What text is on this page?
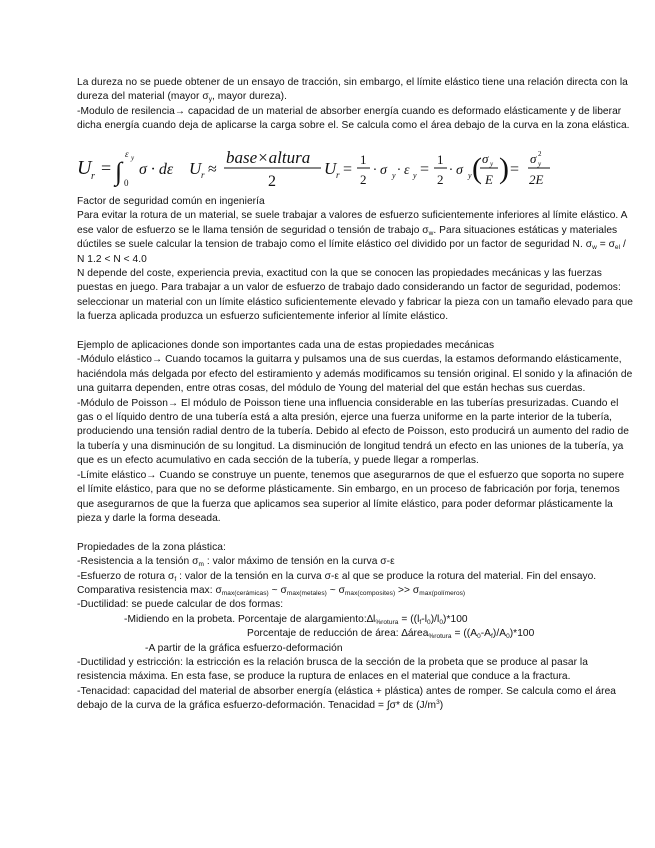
La dureza no se puede obtener de un ensayo de tracción, sin embargo, el límite elástico tiene una relación directa con la dureza del material (mayor $\sigma_y$, mayor dureza).

-Modulo de resilencia→ capacidad de un material de absorber energía cuando es deformado elásticamente y de liberar dicha energía cuando deja de aplicarse la carga sobre el. Se calcula como el área debajo de la curva en la zona elástica.

U r = ∫
ε y
0
σ · dε U r ≈
base×altura
2
U r =
1
2
· σ y · ε y =
1
2
· σ y ( σ y
E ) =
σ y
2
2E

Factor de seguridad común en ingeniería

Para evitar la rotura de un material, se suele trabajar a valores de esfuerzo suficientemente inferiores al límite elástico. A ese valor de esfuerzo se le llama tensión de seguridad o tensión de trabajo $\sigma_w$. Para situaciones estáticas y materiales dúctiles se suele calcular la tension de trabajo como el límite elástico σel dividido por un factor de seguridad N. $\sigma_w = \sigma_{el} / N$ 1.2 < N < 4.0

N depende del coste, experiencia previa, exactitud con la que se conocen las propiedades mecánicas y las fuerzas puestas en juego. Para trabajar a un valor de esfuerzo de trabajo dado considerando un factor de seguridad, podemos: seleccionar un material con un límite elástico suficientemente elevado y fabricar la pieza con un tamaño elevado para que la fuerza aplicada produzca un esfuerzo suficientemente inferior al límite elástico.

Ejemplo de aplicaciones donde son importantes cada una de estas propiedades mecánicas

-Módulo elástico→ Cuando tocamos la guitarra y pulsamos una de sus cuerdas, la estamos deformando elásticamente, haciéndola más delgada por efecto del estiramiento y además modificamos su tensión original. El sonido y la afinación de una guitarra dependen, entre otras cosas, del módulo de Young del material del que están hechas sus cuerdas.

-Módulo de Poisson→ El módulo de Poisson tiene una influencia considerable en las tuberías presurizadas. Cuando el gas o el líquido dentro de una tubería está a alta presión, ejerce una fuerza uniforme en la parte interior de la tubería, produciendo una tensión radial dentro de la tubería. Debido al efecto de Poisson, esto producirá un aumento del radio de la tubería y una disminución de su longitud. La disminución de longitud tendrá un efecto en las uniones de la tubería, ya que es un efecto acumulativo en cada sección de la tubería, y puede llegar a romperlas.

-Límite elástico→ Cuando se construye un puente, tenemos que asegurarnos de que el esfuerzo que soporta no supere el límite elástico, para que no se deforme plásticamente. Sin embargo, en un proceso de fabricación por forja, tenemos que asegurarnos de que la fuerza que aplicamos sea superior al límite elástico, para poder deformar plásticamente la pieza y darle la forma deseada.

Propiedades de la zona plástica:

-Resistencia a la tensión $\sigma_m$ : valor máximo de tensión en la curva σ-ε

-Esfuerzo de rotura $\sigma_f$ : valor de la tensión en la curva σ-ε al que se produce la rotura del material. Fin del ensayo.

Comparativa resistencia max: $\sigma_{max(cerámicas)}$ ~ $\sigma_{max(metales)}$ ~ $\sigma_{max(composites)} >> \sigma_{max(polímeros)}$

-Ductilidad: se puede calcular de dos formas:

-Midiendo en la probeta. Porcentaje de $alargamiento:\Delta l_{\%rotura} = ((l_f-l_0)/l_0)*100$

Porcentaje de reducción de área: ∆área$_{\%rotura}$ = $((A_0-A_f)/A_0)*100$

-A partir de la gráfica esfuerzo-deformación

-Ductilidad y estricción: la estricción es la relación brusca de la sección de la probeta que se produce al pasar la resistencia máxima. En esta fase, se produce la ruptura de enlaces en el material que conduce a la fractura.

-Tenacidad: capacidad del material de absorber energía (elástica + plástica) antes de romper. Se calcula como el área debajo de la curva de la gráfica esfuerzo-deformación. Tenacidad = ∫σ* dε $(J/m^3)$
